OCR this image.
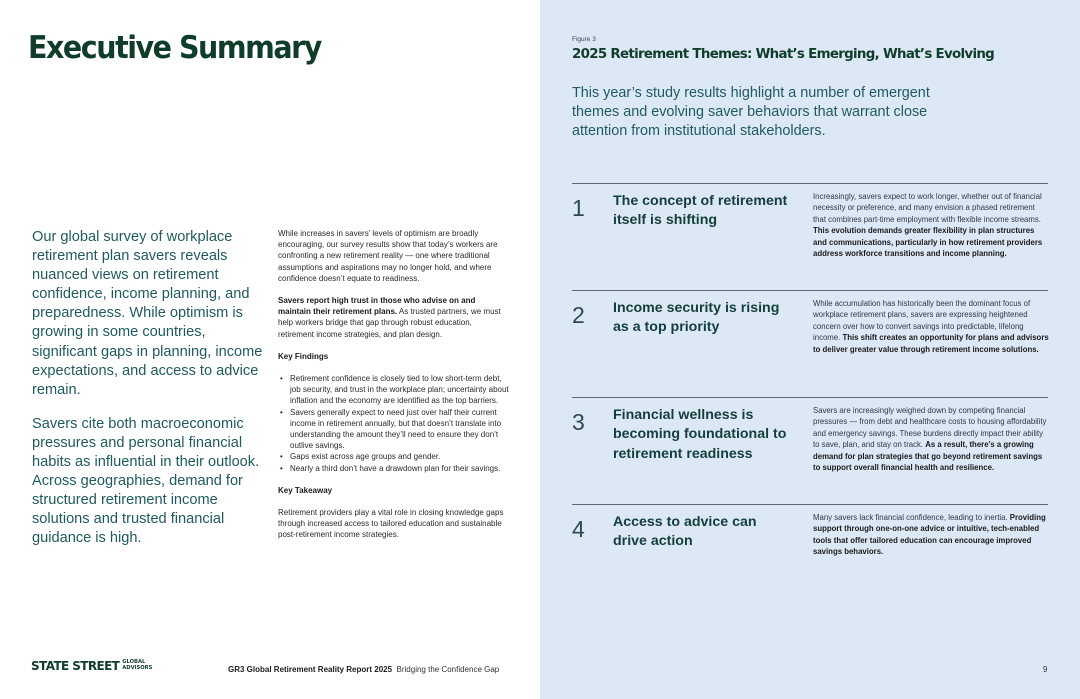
Executive Summary

Our global survey of workplace retirement plan savers reveals nuanced views on retirement confidence, income planning, and preparedness. While optimism is growing in some countries, significant gaps in planning, income expectations, and access to advice remain.

Savers cite both macroeconomic pressures and personal financial habits as influential in their outlook. Across geographies, demand for structured retirement income solutions and trusted financial guidance is high.

While increases in savers’ levels of optimism are broadly encouraging, our survey results show that today’s workers are confronting a new retirement reality — one where traditional assumptions and aspirations may no longer hold, and where confidence doesn’t equate to readiness.

Savers report high trust in those who advise on and maintain their retirement plans. As trusted partners, we must help workers bridge that gap through robust education, retirement income strategies, and plan design.

Key Findings
• Retirement confidence is closely tied to low short-term debt, job security, and trust in the workplace plan; uncertainty about inflation and the economy are identified as the top barriers.
• Savers generally expect to need just over half their current income in retirement annually, but that doesn’t translate into understanding the amount they’ll need to ensure they don’t outlive savings.
• Gaps exist across age groups and gender.
• Nearly a third don’t have a drawdown plan for their savings.
Key Takeaway

Retirement providers play a vital role in closing knowledge gaps through increased access to tailored education and sustainable post-retirement income strategies.

STATE STREET GLOBAL ADVISORS	GR3 Global Retirement Reality Report 2025 Bridging the Confidence Gap
大数跨境
Figure 3
2025 Retirement Themes: What’s Emerging, What’s Evolving
This year’s study results highlight a number of emergent themes and evolving saver behaviors that warrant close attention from institutional stakeholders.
1 The concept of retirement itself is shifting
Increasingly, savers expect to work longer, whether out of financial necessity or preference, and many envision a phased retirement that combines part-time employment with flexible income streams. This evolution demands greater flexibility in plan structures and communications, particularly in how retirement providers address workforce transitions and income planning.
2 Income security is rising as a top priority
While accumulation has historically been the dominant focus of workplace retirement plans, savers are expressing heightened concern over how to convert savings into predictable, lifelong income. This shift creates an opportunity for plans and advisors to deliver greater value through retirement income solutions.
3 Financial wellness is becoming foundational to retirement readiness
Savers are increasingly weighed down by competing financial pressures — from debt and healthcare costs to housing affordability and emergency savings. These burdens directly impact their ability to save, plan, and stay on track. As a result, there’s a growing demand for plan strategies that go beyond retirement savings to support overall financial health and resilience.
4 Access to advice can drive action
Many savers lack financial confidence, leading to inertia. Providing support through one-on-one advice or intuitive, tech-enabled tools that offer tailored education can encourage improved savings behaviors.
9
